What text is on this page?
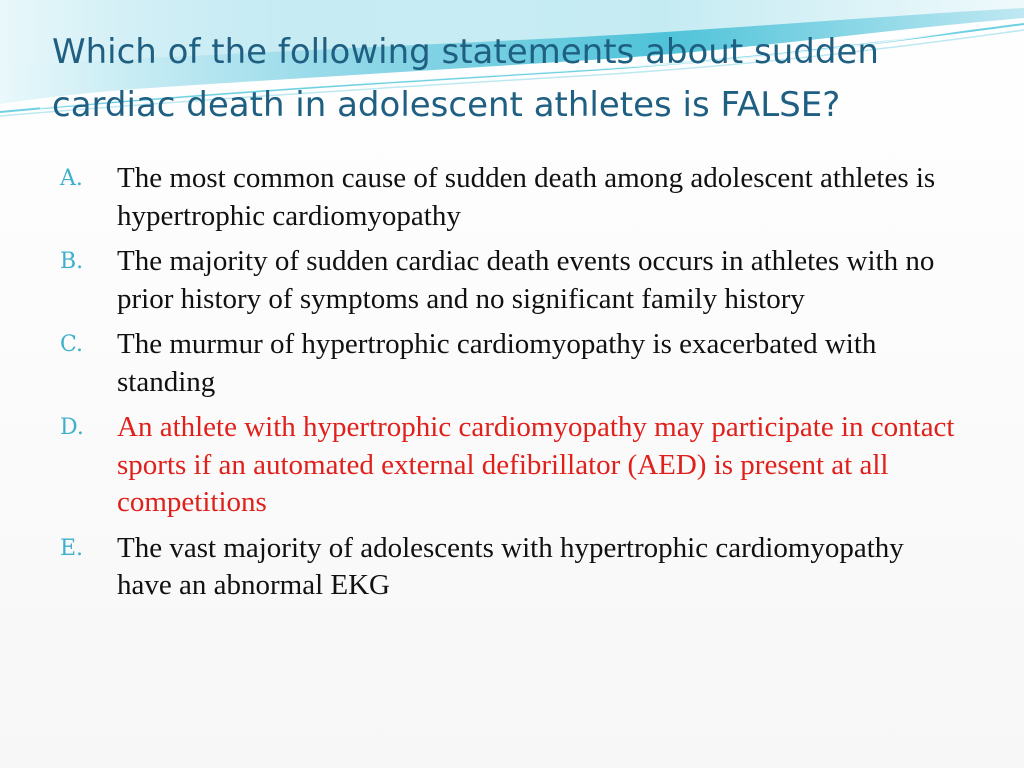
Which of the following statements about sudden cardiac death in adolescent athletes is FALSE?
A.	The most common cause of sudden death among adolescent athletes is hypertrophic cardiomyopathy
B.	The majority of sudden cardiac death events occurs in athletes with no prior history of symptoms and no significant family history
C.	The murmur of hypertrophic cardiomyopathy is exacerbated with standing
D.	An athlete with hypertrophic cardiomyopathy may participate in contact sports if an automated external defibrillator (AED) is present at all competitions
E.	The vast majority of adolescents with hypertrophic cardiomyopathy have an abnormal EKG
